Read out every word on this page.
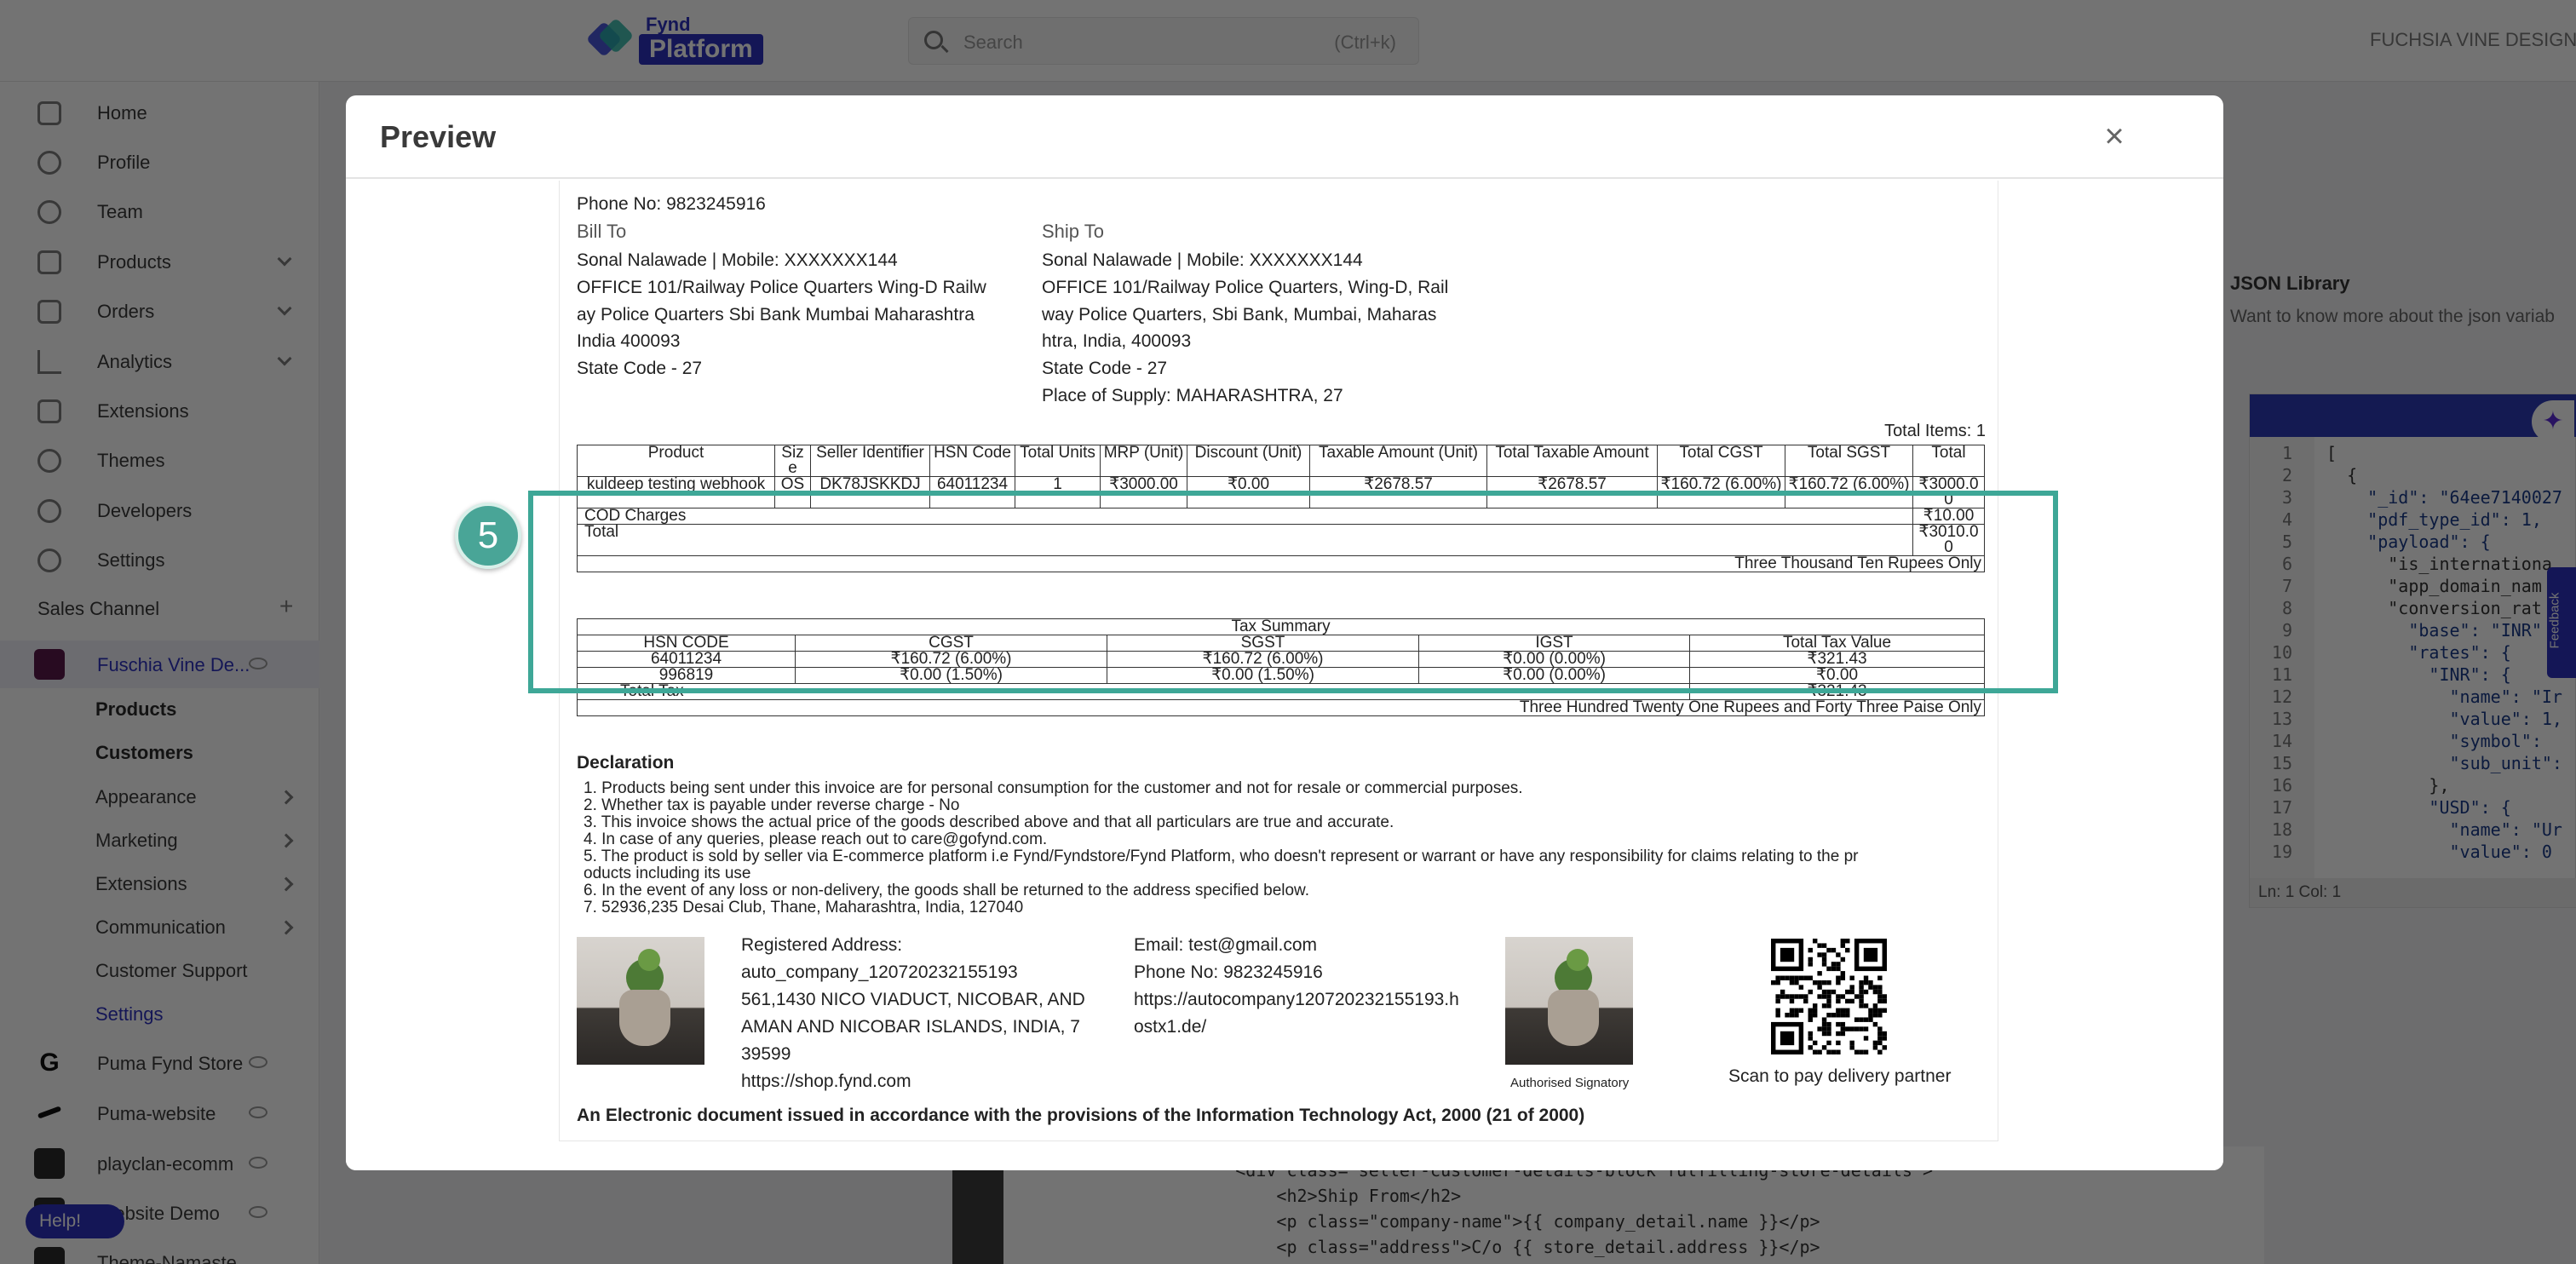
Preview	×
Phone No: 9823245916
Bill To
Sonal Nalawade | Mobile: XXXXXXX144
OFFICE 101/Railway Police Quarters Wing-D Railw
ay Police Quarters Sbi Bank Mumbai Maharashtra
India 400093
State Code - 27
Ship To
Sonal Nalawade | Mobile: XXXXXXX144
OFFICE 101/Railway Police Quarters, Wing-D, Rail
way Police Quarters, Sbi Bank, Mumbai, Maharas
htra, India, 400093
State Code - 27
Place of Supply: MAHARASHTRA, 27
Total Items: 1
Product	Size	Seller Identifier	HSN Code	Total Units	MRP (Unit)	Discount (Unit)	Taxable Amount (Unit)	Total Taxable Amount	Total CGST	Total SGST	Total
kuldeep testing webhook	OS	DK78JSKKDJ	64011234	1	₹3000.00	₹0.00	₹2678.57	₹2678.57	₹160.72 (6.00%)	₹160.72 (6.00%)	₹3000.00
COD Charges											₹10.00
Total											₹3010.00
Three Thousand Ten Rupees Only											
Tax Summary				
HSN CODE	CGST	SGST	IGST	Total Tax Value
64011234	₹160.72 (6.00%)	₹160.72 (6.00%)	₹0.00 (0.00%)	₹321.43
996819	₹0.00 (1.50%)	₹0.00 (1.50%)	₹0.00 (0.00%)	₹0.00
Total Tax				₹321.43
Three Hundred Twenty One Rupees and Forty Three Paise Only				
Declaration
1. Products being sent under this invoice are for personal consumption for the customer and not for resale or commercial purposes.
2. Whether tax is payable under reverse charge - No
3. This invoice shows the actual price of the goods described above and that all particulars are true and accurate.
4. In case of any queries, please reach out to care@gofynd.com.
5. The product is sold by seller via E-commerce platform i.e Fynd/Fyndstore/Fynd Platform, who doesn't represent or warrant or have any responsibility for claims relating to the pr
oducts including its use
6. In the event of any loss or non-delivery, the goods shall be returned to the address specified below.
7. 52936,235 Desai Club, Thane, Maharashtra, India, 127040
Registered Address:
auto_company_120720232155193
561,1430 NICO VIADUCT, NICOBAR, AND
AMAN AND NICOBAR ISLANDS, INDIA, 7
39599
https://shop.fynd.com
Email: test@gmail.com
Phone No: 9823245916
https://autocompany120720232155193.h
ostx1.de/
Authorised Signatory	Scan to pay delivery partner
An Electronic document issued in accordance with the provisions of the Information Technology Act, 2000 (21 of 2000)
5
